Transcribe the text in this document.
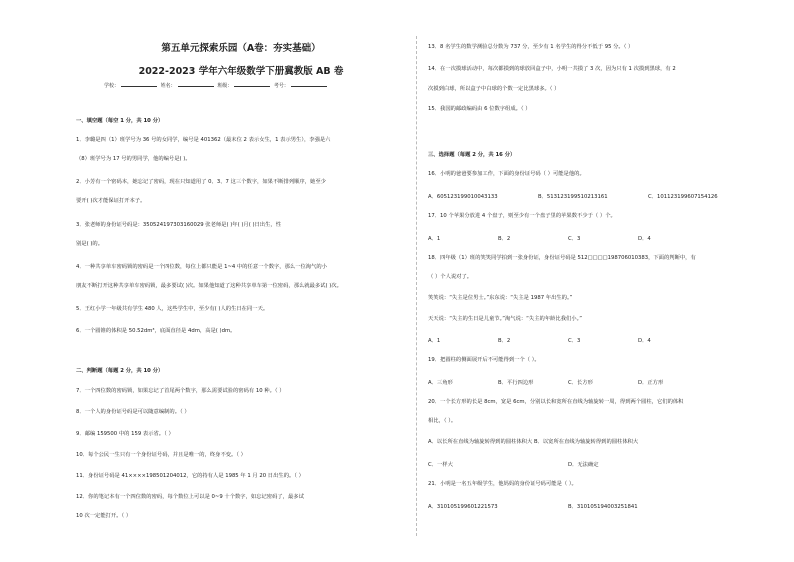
第五单元探索乐园（A卷：夯实基础）
2022-2023 学年六年级数学下册冀教版 AB 卷
学校：	姓名：	班级：	考号：
一、填空题（每空 1 分，共 10 分）
1．李璐是四（1）班学号为 36 号的女同学，编号是 401362（最末位 2 表示女生，1 表示男生），李强是六
（8）班学号为 17 号的男同学，他的编号是( )。
2．小芳有一个密码本，她忘记了密码，现在只知道用了 0、3、7 这三个数字，如果不断排列顺序，她至少
要开( )次才能保证打开本子。
3．张老师的身份证号码是：350524197303160029 张老师是( )年( )月( )日出生，性
别是( )的。
4．一种共享单车密码锁的密码是一个四位数，每位上都只能是 1~4 中的任意一个数字，那么一位淘气的小
朋友不断打开这种共享单车密码锁，最多要试( )次。如果他知道了这种共享单车第一位密码，那么就最多试( )次。
5．王红小学一年级共有学生 480 人，这些学生中，至少有( )人的生日在同一天。
6．一个圆锥的体积是 50.52dm³，底面直径是 4dm，高是( )dm。
二、判断题（每题 2 分，共 10 分）
7．一个四位数的密码锁，如果忘记了首尾两个数字，那么需要试验的密码有 10 种。（ ）
8．一个人的身份证号码是可以随意编制的。（ ）
9．邮编 159500 中的 159 表示省。（ ）
10．每个公民一生只有一个身份证号码，并且是唯一的，终身不变。（ ）
11．身份证号码是 41××××198501204012，它的持有人是 1985 年 1 月 20 日出生的。（ ）
12．你的笔记本有一个四位数的密码，每个数位上可以是 0~9 十个数字，如忘记密码了，最多试
10 次一定能打开。（ ）
13．8 名学生的数学测验总分数为 737 分，至少有 1 名学生的得分不低于 95 分。（ ）
14．在一次摸球活动中，每次都摸到的球放回盒子中，小明一共摸了 3 次，因为只有 1 次摸到黑球，有 2
次摸到白球，所以盒子中白球的个数一定比黑球多。（ ）
15．我国的邮政编码由 6 位数字组成。（ ）
三、选择题（每题 2 分，共 16 分）
16．小明的爸爸要参加工作，下面的身份证号码（ ）可能是他的。
A．605123199010043133	B．513123199510213161	C．101123199607154126
17．10 个苹果分放进 4 个盘子，则至少有一个盘子里的苹果数不少于（ ）个。
A．1	B．2	C．3	D．4
18．四年级（1）班的笑笑同学拍到一张身份证，身份证号码是 512□□□□198706010383，下面的判断中，有
（ ）个人说对了。
笑笑说：“失主是位男士。”东东说：“失主是 1987 年出生的。”
天天说：“失主的生日是儿童节。”淘气说：“失主的年龄比我们小。”
A．1	B．2	C．3	D．4
19．把圆柱的侧面展开后不可能得到一个（ ）。
A．三角形	B．平行四边形	C．长方形	D．正方形
20．一个长方形的长是 8cm，宽是 6cm，分别以长和宽所在直线为轴旋转一周，得到两个圆柱，它们的体积
相比，（ ）。
A．以长所在直线为轴旋转得到的圆柱体积大 B．以宽所在直线为轴旋转得到的圆柱体积大
C．一样大	D．无法确定
21．小明是一名五年级学生，他妈妈的身份证号码可能是（ ）。
A．310105199601221573	B．310105194003251841
